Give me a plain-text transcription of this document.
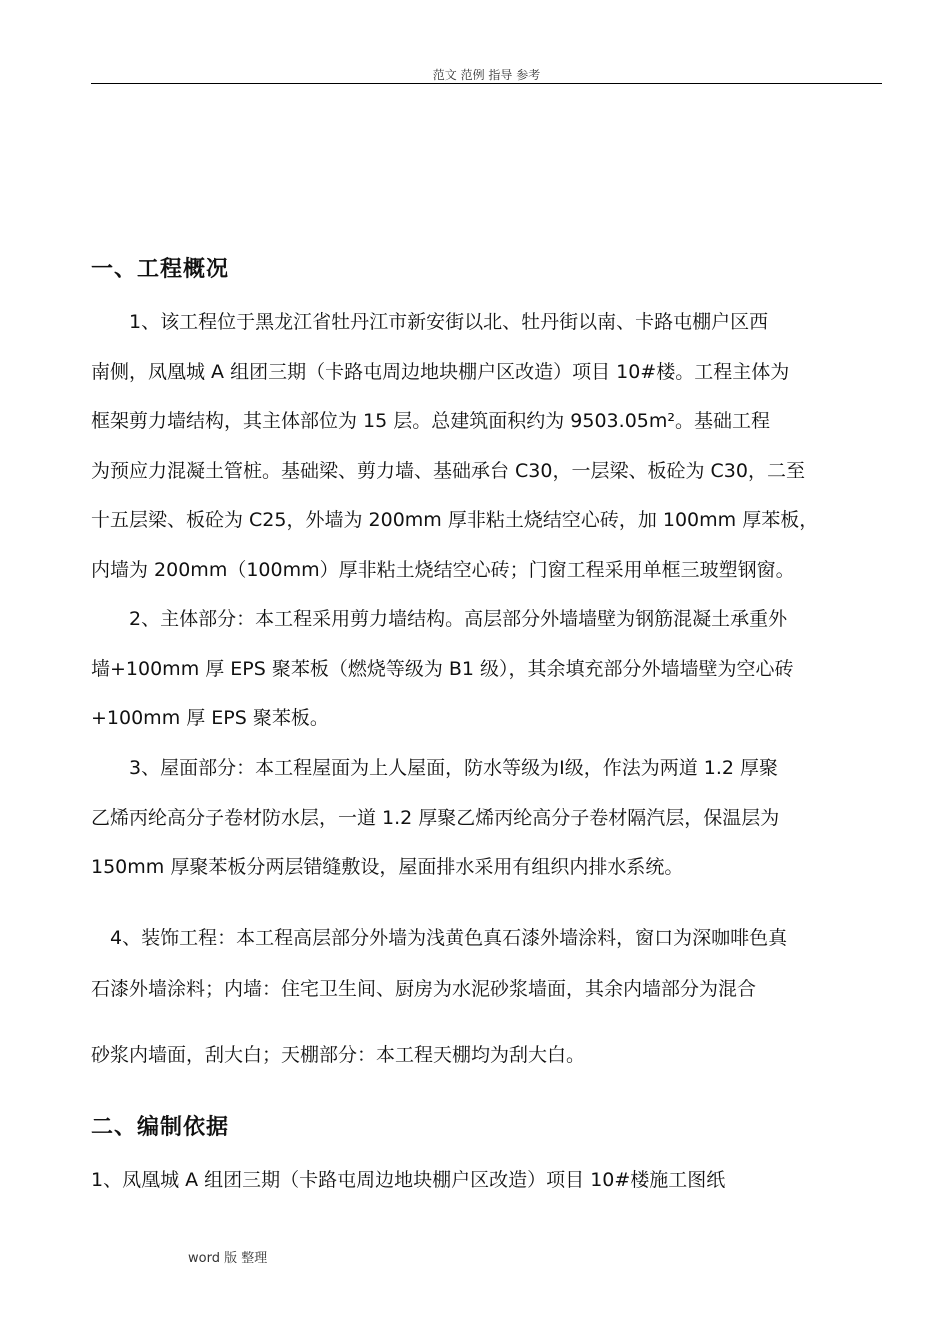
范文 范例 指导 参考
一、工程概况
　　1、该工程位于黑龙江省牡丹江市新安街以北、牡丹街以南、卡路屯棚户区西
南侧，凤凰城 A 组团三期（卡路屯周边地块棚户区改造）项目 10#楼。工程主体为
框架剪力墙结构，其主体部位为 15 层。总建筑面积约为 9503.05m²。基础工程
为预应力混凝土管桩。基础梁、剪力墙、基础承台 C30，一层梁、板砼为 C30，二至
十五层梁、板砼为 C25，外墙为 200mm 厚非粘土烧结空心砖，加 100mm 厚苯板，
内墙为 200mm（100mm）厚非粘土烧结空心砖；门窗工程采用单框三玻塑钢窗。
　　2、主体部分：本工程采用剪力墙结构。高层部分外墙墙壁为钢筋混凝土承重外
墙+100mm 厚 EPS 聚苯板（燃烧等级为 B1 级），其余填充部分外墙墙壁为空心砖
+100mm 厚 EPS 聚苯板。
　　3、屋面部分：本工程屋面为上人屋面，防水等级为Ⅰ级，作法为两道 1.2 厚聚
乙烯丙纶高分子卷材防水层，一道 1.2 厚聚乙烯丙纶高分子卷材隔汽层，保温层为
150mm 厚聚苯板分两层错缝敷设，屋面排水采用有组织内排水系统。
　4、装饰工程：本工程高层部分外墙为浅黄色真石漆外墙涂料，窗口为深咖啡色真
石漆外墙涂料；内墙：住宅卫生间、厨房为水泥砂浆墙面，其余内墙部分为混合
砂浆内墙面，刮大白；天棚部分：本工程天棚均为刮大白。
二、编制依据
1、凤凰城 A 组团三期（卡路屯周边地块棚户区改造）项目 10#楼施工图纸
word 版 整理
